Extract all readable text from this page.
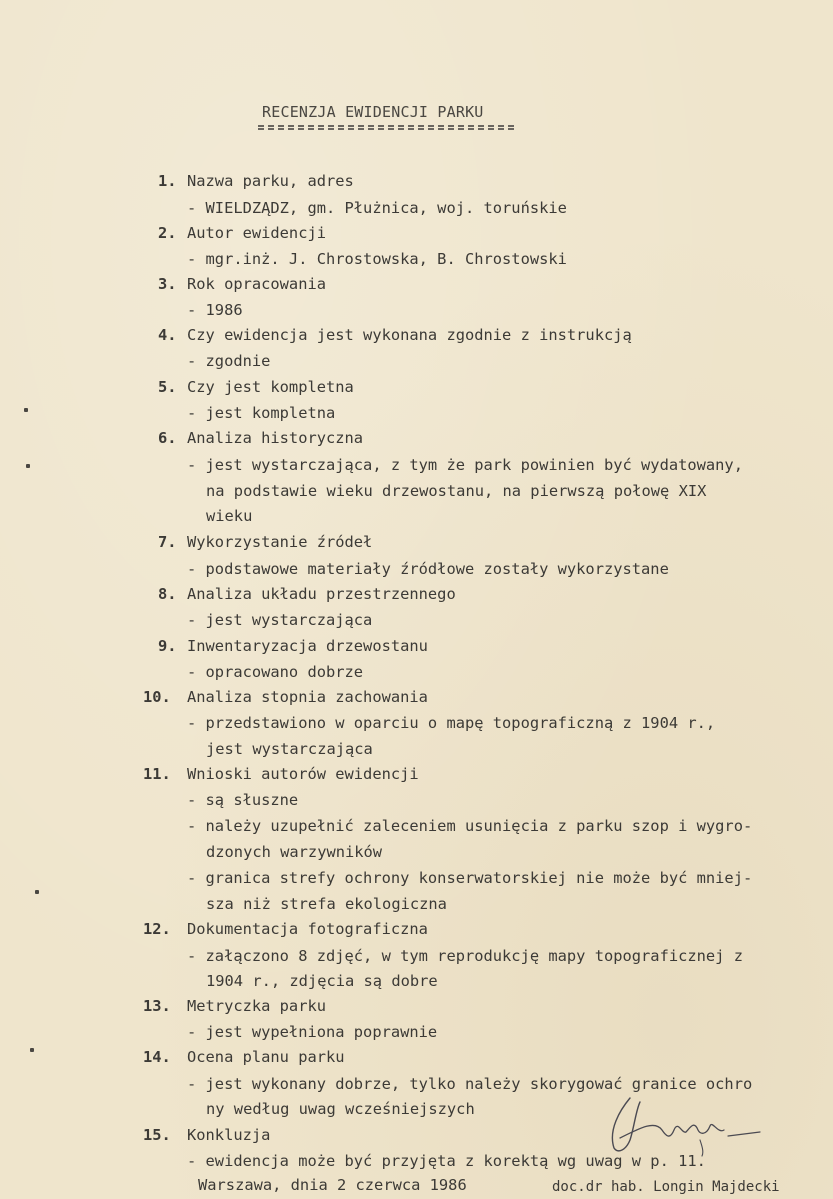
RECENZJA EWIDENCJI PARKU
1. Nazwa parku, adres
- WIELDZĄDZ, gm. Płużnica, woj. toruńskie
2. Autor ewidencji
- mgr.inż. J. Chrostowska, B. Chrostowski
3. Rok opracowania
- 1986
4. Czy ewidencja jest wykonana zgodnie z instrukcją
- zgodnie
5. Czy jest kompletna
- jest kompletna
6. Analiza historyczna
- jest wystarczająca, z tym że park powinien być wydatowany,
na podstawie wieku drzewostanu, na pierwszą połowę XIX
wieku
7. Wykorzystanie źródeł
- podstawowe materiały źródłowe zostały wykorzystane
8. Analiza układu przestrzennego
- jest wystarczająca
9. Inwentaryzacja drzewostanu
- opracowano dobrze
10. Analiza stopnia zachowania
- przedstawiono w oparciu o mapę topograficzną z 1904 r.,
jest wystarczająca
11. Wnioski autorów ewidencji
- są słuszne
- należy uzupełnić zaleceniem usunięcia z parku szop i wygro-
dzonych warzywników
- granica strefy ochrony konserwatorskiej nie może być mniej-
sza niż strefa ekologiczna
12. Dokumentacja fotograficzna
- załączono 8 zdjęć, w tym reprodukcję mapy topograficznej z
1904 r., zdjęcia są dobre
13. Metryczka parku
- jest wypełniona poprawnie
14. Ocena planu parku
- jest wykonany dobrze, tylko należy skorygować granice ochro
ny według uwag wcześniejszych
15. Konkluzja
- ewidencja może być przyjęta z korektą wg uwag w p. 11.
Warszawa, dnia 2 czerwca 1986	doc.dr hab. Longin Majdecki
